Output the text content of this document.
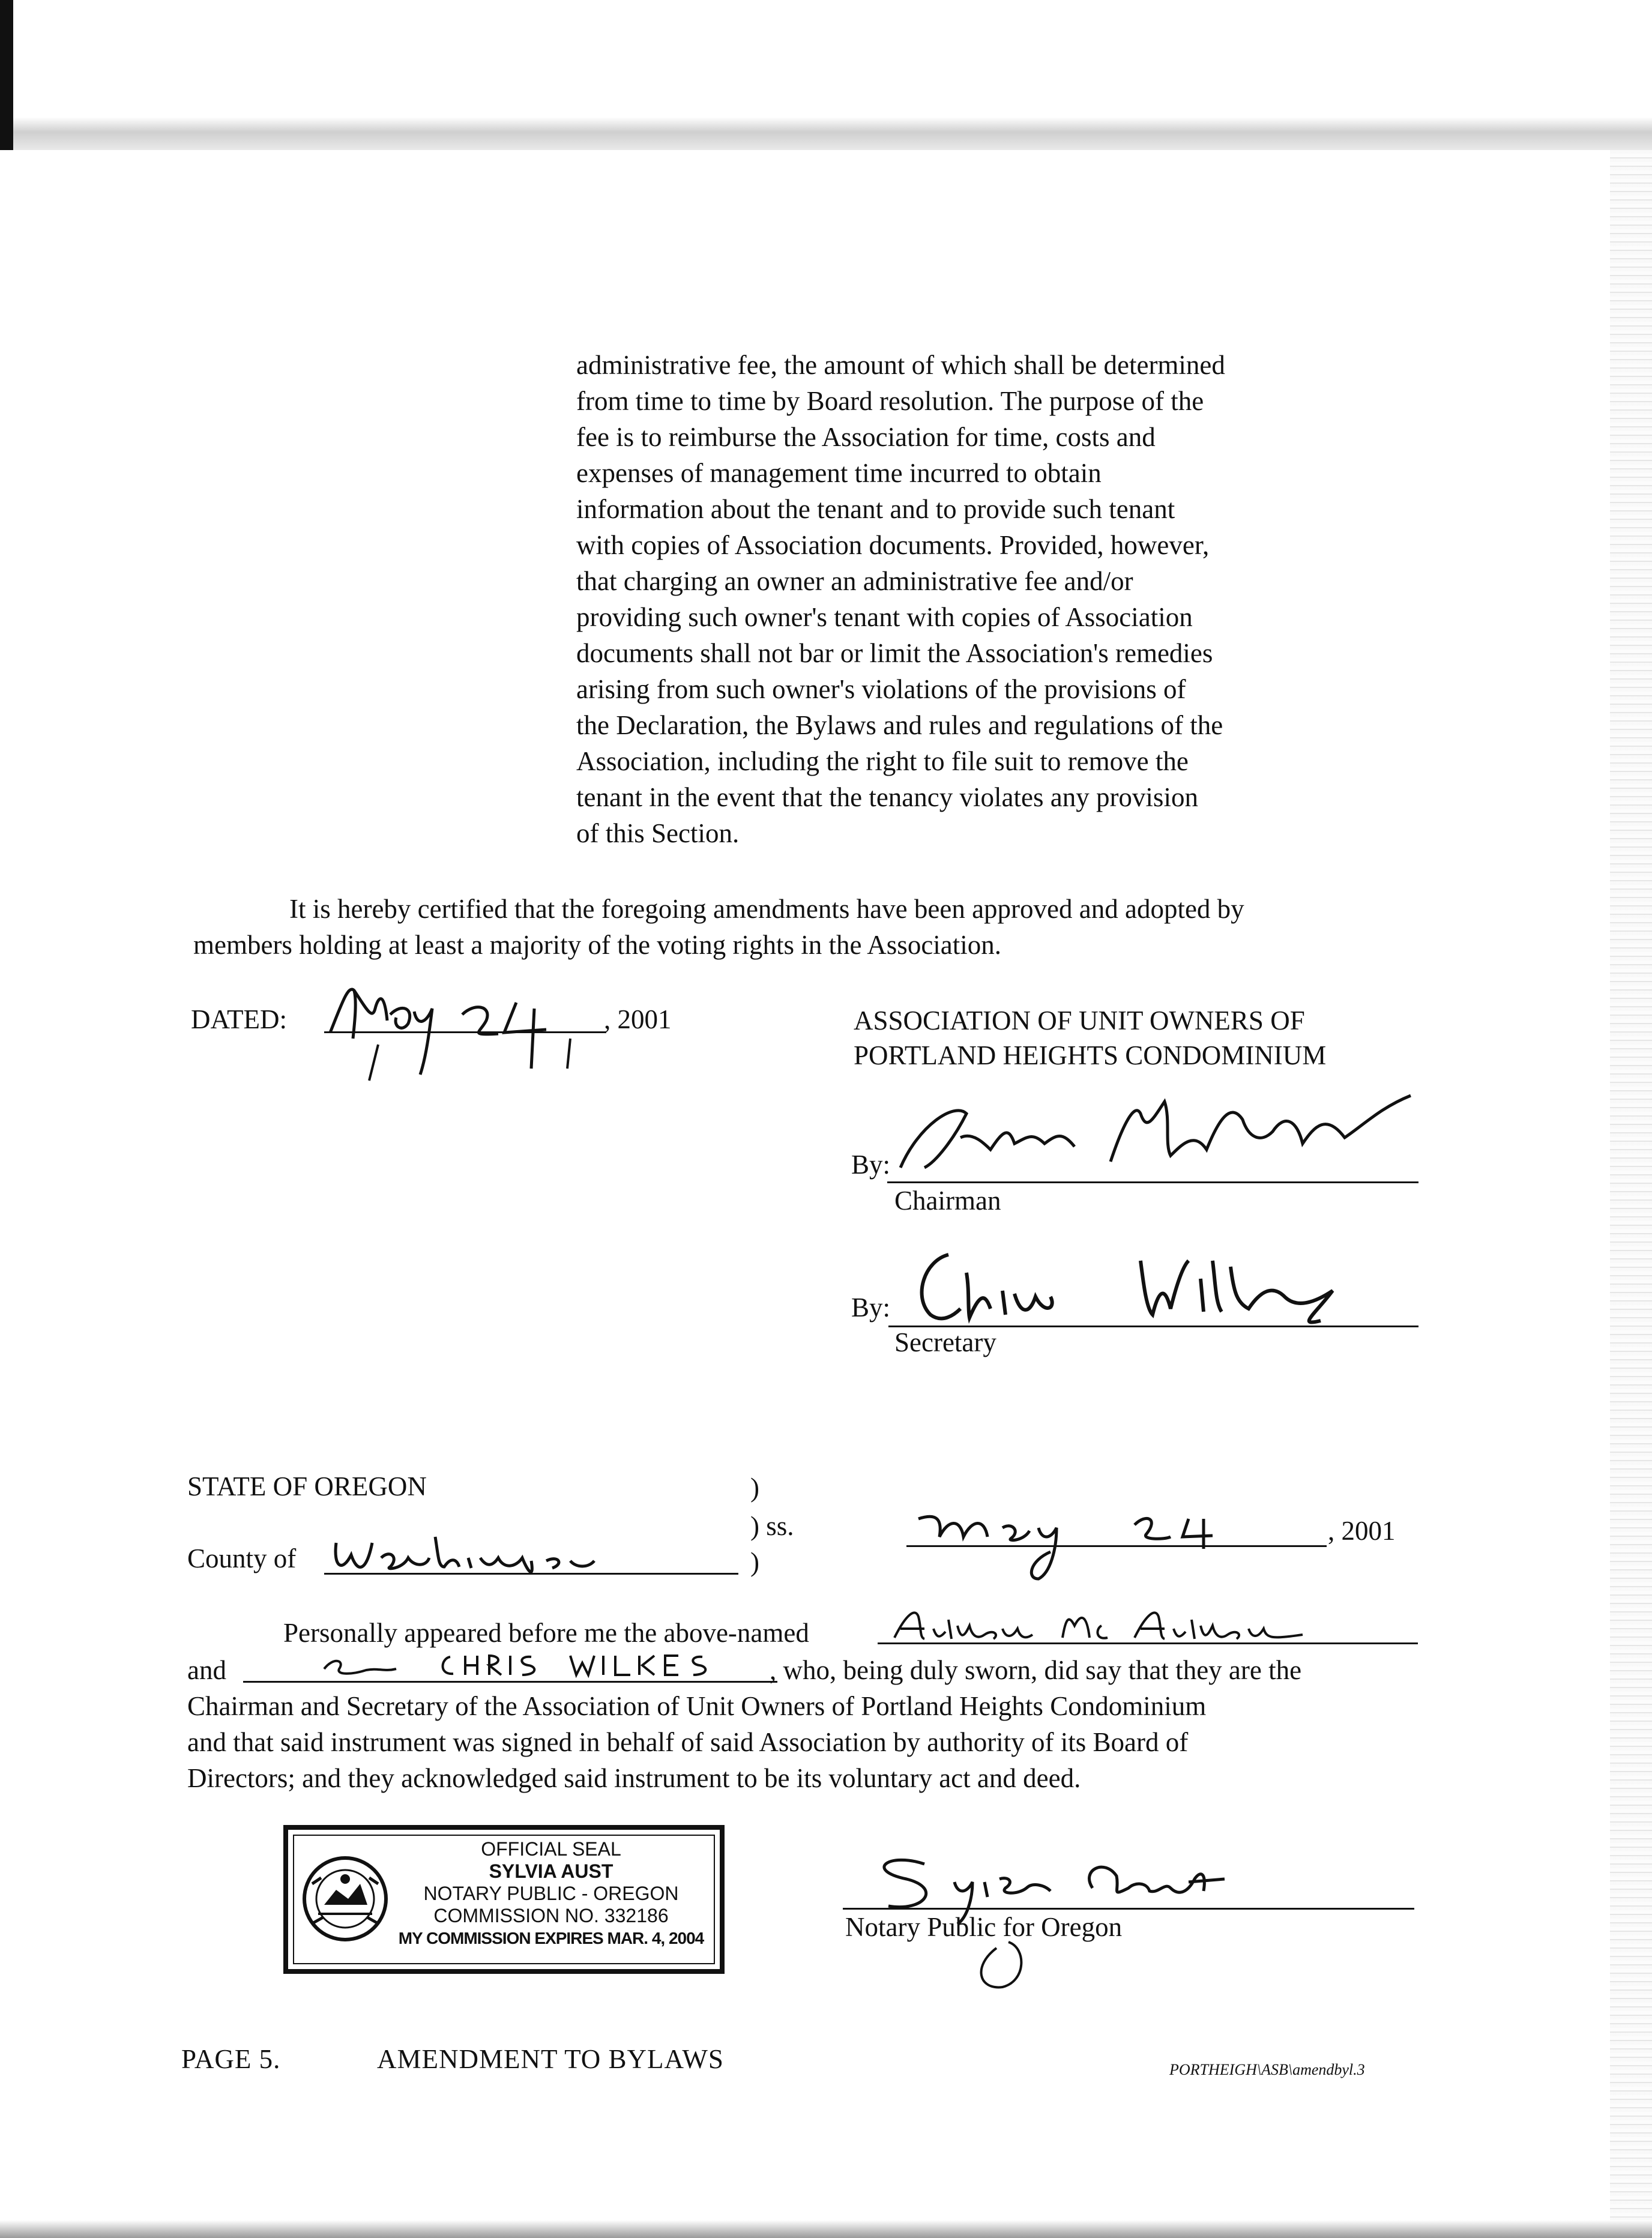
administrative fee, the amount of which shall be determined
from time to time by Board resolution. The purpose of the
fee is to reimburse the Association for time, costs and
expenses of management time incurred to obtain
information about the tenant and to provide such tenant
with copies of Association documents. Provided, however,
that charging an owner an administrative fee and/or
providing such owner's tenant with copies of Association
documents shall not bar or limit the Association's remedies
arising from such owner's violations of the provisions of
the Declaration, the Bylaws and rules and regulations of the
Association, including the right to file suit to remove the
tenant in the event that the tenancy violates any provision
of this Section.
It is hereby certified that the foregoing amendments have been approved and adopted by
members holding at least a majority of the voting rights in the Association.
DATED:	, 2001	ASSOCIATION OF UNIT OWNERS OF
PORTLAND HEIGHTS CONDOMINIUM
By:
Chairman
By:
Secretary
STATE OF OREGON	)
) ss.
)
County of
, 2001
Personally appeared before me the above-named
and	, who, being duly sworn, did say that they are the
Chairman and Secretary of the Association of Unit Owners of Portland Heights Condominium
and that said instrument was signed in behalf of said Association by authority of its Board of
Directors; and they acknowledged said instrument to be its voluntary act and deed.
OFFICIAL SEAL
SYLVIA AUST
NOTARY PUBLIC - OREGON
COMMISSION NO. 332186
MY COMMISSION EXPIRES MAR. 4, 2004	Notary Public for Oregon
PAGE 5.	AMENDMENT TO BYLAWS	PORTHEIGH\ASB\amendbyl.3
